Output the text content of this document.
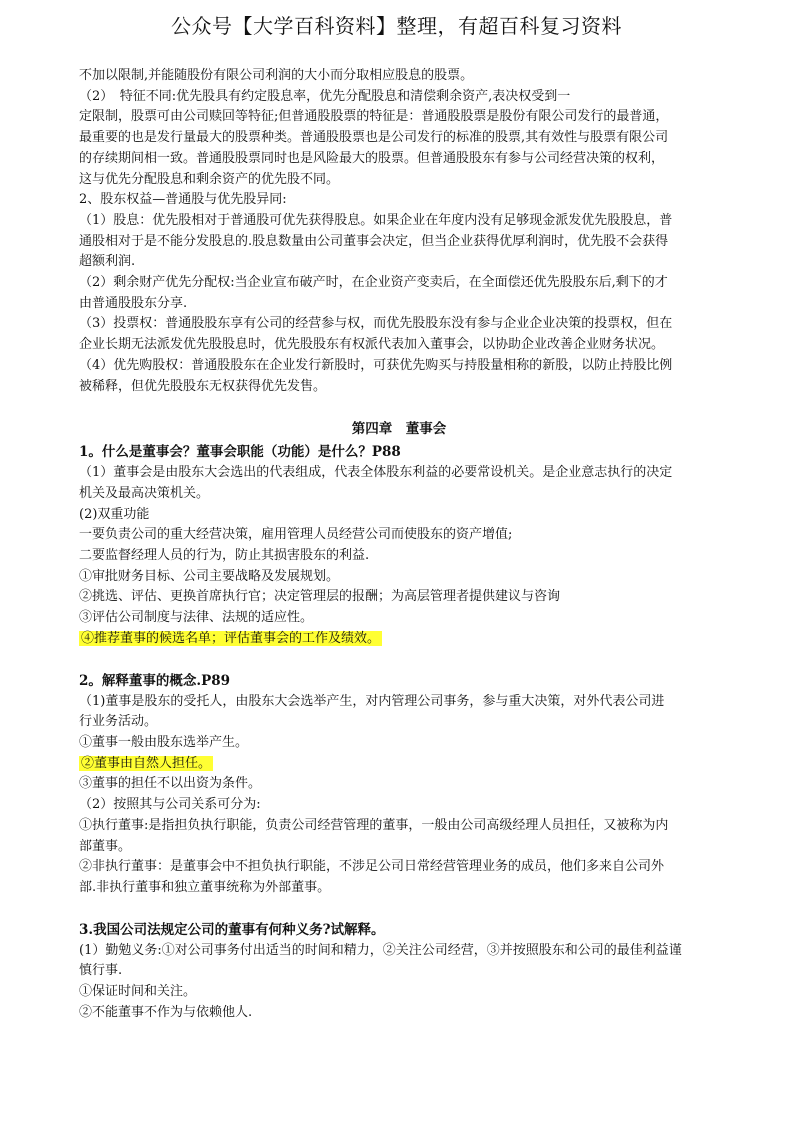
公众号【大学百科资料】整理，有超百科复习资料
不加以限制,并能随股份有限公司利润的大小而分取相应股息的股票。
（2）　特征不同:优先股具有约定股息率，优先分配股息和清偿剩余资产,表决权受到一
定限制，股票可由公司赎回等特征;但普通股股票的特征是：普通股股票是股份有限公司发行的最普通，
最重要的也是发行量最大的股票种类。普通股股票也是公司发行的标准的股票,其有效性与股票有限公司
的存续期间相一致。普通股股票同时也是风险最大的股票。但普通股股东有参与公司经营决策的权利，
这与优先分配股息和剩余资产的优先股不同。
2、股东权益—普通股与优先股异同:
（1）股息：优先股相对于普通股可优先获得股息。如果企业在年度内没有足够现金派发优先股股息，普
通股相对于是不能分发股息的.股息数量由公司董事会决定，但当企业获得优厚利润时，优先股不会获得
超额利润.
（2）剩余财产优先分配权:当企业宣布破产时，在企业资产变卖后，在全面偿还优先股股东后,剩下的才
由普通股股东分享.
（3）投票权：普通股股东享有公司的经营参与权，而优先股股东没有参与企业企业决策的投票权，但在
企业长期无法派发优先股股息时，优先股股东有权派代表加入董事会，以协助企业改善企业财务状况。
（4）优先购股权：普通股股东在企业发行新股时，可获优先购买与持股量相称的新股，以防止持股比例
被稀释，但优先股股东无权获得优先发售。
第四章　董事会
1。什么是董事会？董事会职能（功能）是什么？P88
（1）董事会是由股东大会选出的代表组成，代表全体股东利益的必要常设机关。是企业意志执行的决定
机关及最高决策机关。
(2)双重功能
一要负责公司的重大经营决策，雇用管理人员经营公司而使股东的资产增值;
二要监督经理人员的行为，防止其损害股东的利益.
①审批财务目标、公司主要战略及发展规划。
②挑选、评估、更换首席执行官；决定管理层的报酬；为高层管理者提供建议与咨询
③评估公司制度与法律、法规的适应性。
④推荐董事的候选名单；评估董事会的工作及绩效。
2。解释董事的概念.P89
（1)董事是股东的受托人，由股东大会选举产生，对内管理公司事务，参与重大决策，对外代表公司进
行业务活动。
①董事一般由股东选举产生。
②董事由自然人担任。
③董事的担任不以出资为条件。
（2）按照其与公司关系可分为:
①执行董事:是指担负执行职能，负责公司经营管理的董事，一般由公司高级经理人员担任，又被称为内
部董事。
②非执行董事：是董事会中不担负执行职能，不涉足公司日常经营管理业务的成员，他们多来自公司外
部.非执行董事和独立董事统称为外部董事。
3.我国公司法规定公司的董事有何种义务?试解释。
(1）勤勉义务:①对公司事务付出适当的时间和精力，②关注公司经营，③并按照股东和公司的最佳利益谨
慎行事.
①保证时间和关注。
②不能董事不作为与依赖他人.
